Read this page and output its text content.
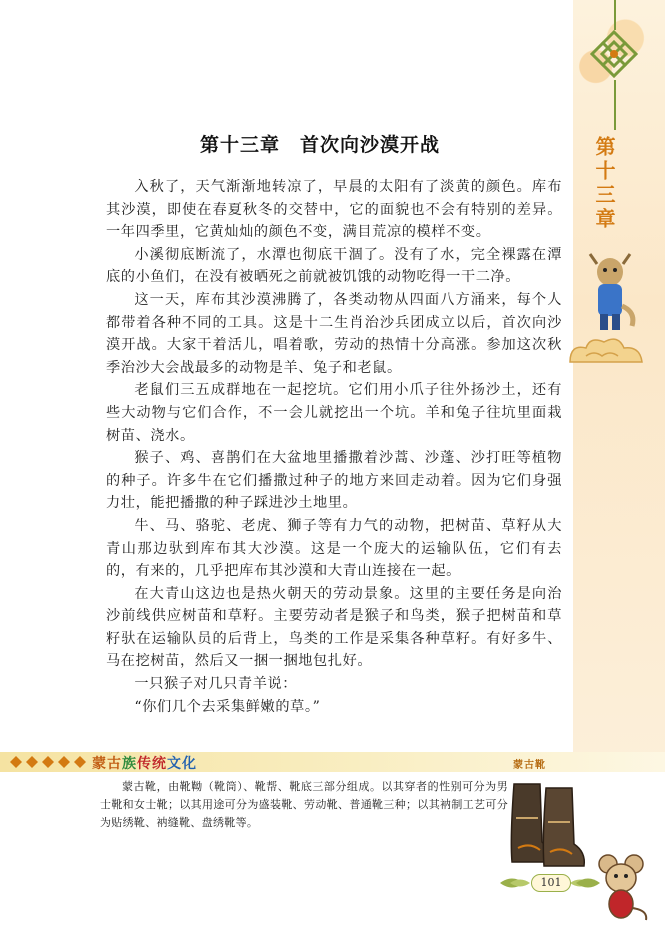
第十三章
第十三章　首次向沙漠开战

入秋了，天气渐渐地转凉了，早晨的太阳有了淡黄的颜色。库布其沙漠，即使在春夏秋冬的交替中，它的面貌也不会有特别的差异。一年四季里，它黄灿灿的颜色不变，满目荒凉的模样不变。

小溪彻底断流了，水潭也彻底干涸了。没有了水，完全裸露在潭底的小鱼们，在没有被晒死之前就被饥饿的动物吃得一干二净。

这一天，库布其沙漠沸腾了，各类动物从四面八方涌来，每个人都带着各种不同的工具。这是十二生肖治沙兵团成立以后，首次向沙漠开战。大家干着活儿，唱着歌，劳动的热情十分高涨。参加这次秋季治沙大会战最多的动物是羊、兔子和老鼠。

老鼠们三五成群地在一起挖坑。它们用小爪子往外扬沙土，还有些大动物与它们合作，不一会儿就挖出一个坑。羊和兔子往坑里面栽树苗、浇水。

猴子、鸡、喜鹊们在大盆地里播撒着沙蒿、沙蓬、沙打旺等植物的种子。许多牛在它们播撒过种子的地方来回走动着。因为它们身强力壮，能把播撒的种子踩进沙土地里。

牛、马、骆驼、老虎、狮子等有力气的动物，把树苗、草籽从大青山那边驮到库布其大沙漠。这是一个庞大的运输队伍，它们有去的，有来的，几乎把库布其沙漠和大青山连接在一起。

在大青山这边也是热火朝天的劳动景象。这里的主要任务是向治沙前线供应树苗和草籽。主要劳动者是猴子和鸟类，猴子把树苗和草籽驮在运输队员的后背上，鸟类的工作是采集各种草籽。有好多牛、马在挖树苗，然后又一捆一捆地包扎好。

一只猴子对几只青羊说：

“你们几个去采集鲜嫩的草。”

蒙古族传统文化	蒙古靴

蒙古靴，由靴靿（靴筒）、靴帮、靴底三部分组成。以其穿者的性别可分为男士靴和女士靴；以其用途可分为盛装靴、劳动靴、普通靴三种；以其衲制工艺可分为贴绣靴、衲缝靴、盘绣靴等。

101
